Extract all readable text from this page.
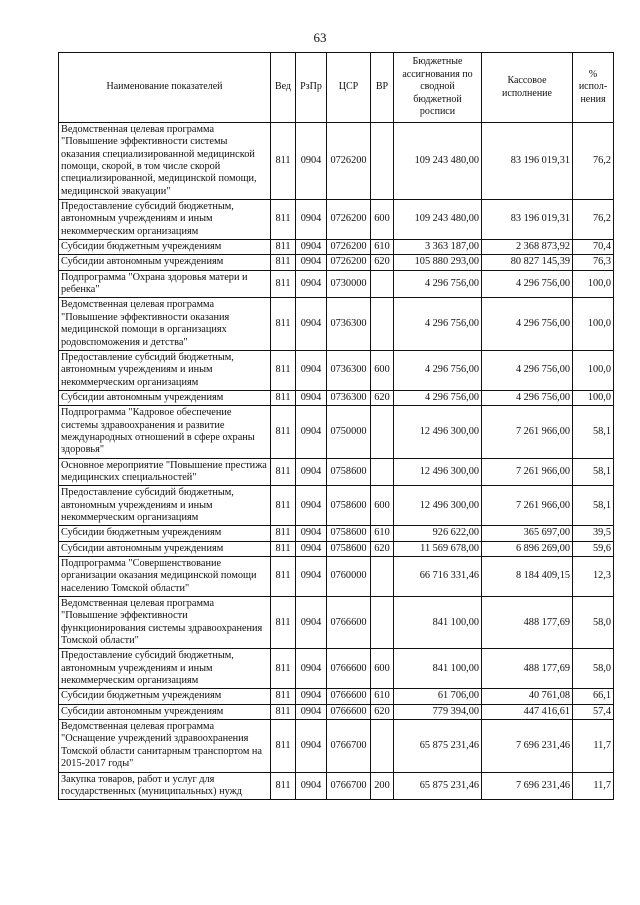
63
Наименование показателей	Вед	РзПр	ЦСР	ВР	Бюджетные ассигнования по сводной бюджетной росписи	Кассовое исполнение	% испол-нения
Ведомственная целевая программа "Повышение эффективности системы оказания специализированной медицинской помощи, скорой, в том числе скорой специализированной, медицинской помощи, медицинской эвакуации"	811	0904	0726200		109 243 480,00	83 196 019,31	76,2
Предоставление субсидий бюджетным, автономным учреждениям и иным некоммерческим организациям	811	0904	0726200	600	109 243 480,00	83 196 019,31	76,2
Субсидии бюджетным учреждениям	811	0904	0726200	610	3 363 187,00	2 368 873,92	70,4
Субсидии автономным учреждениям	811	0904	0726200	620	105 880 293,00	80 827 145,39	76,3
Подпрограмма "Охрана здоровья матери и ребенка"	811	0904	0730000		4 296 756,00	4 296 756,00	100,0
Ведомственная целевая программа "Повышение эффективности оказания медицинской помощи в организациях родовспоможения и детства"	811	0904	0736300		4 296 756,00	4 296 756,00	100,0
Предоставление субсидий бюджетным, автономным учреждениям и иным некоммерческим организациям	811	0904	0736300	600	4 296 756,00	4 296 756,00	100,0
Субсидии автономным учреждениям	811	0904	0736300	620	4 296 756,00	4 296 756,00	100,0
Подпрограмма "Кадровое обеспечение системы здравоохранения и развитие международных отношений в сфере охраны здоровья"	811	0904	0750000		12 496 300,00	7 261 966,00	58,1
Основное мероприятие "Повышение престижа медицинских специальностей"	811	0904	0758600		12 496 300,00	7 261 966,00	58,1
Предоставление субсидий бюджетным, автономным учреждениям и иным некоммерческим организациям	811	0904	0758600	600	12 496 300,00	7 261 966,00	58,1
Субсидии бюджетным учреждениям	811	0904	0758600	610	926 622,00	365 697,00	39,5
Субсидии автономным учреждениям	811	0904	0758600	620	11 569 678,00	6 896 269,00	59,6
Подпрограмма "Совершенствование организации оказания медицинской помощи населению Томской области"	811	0904	0760000		66 716 331,46	8 184 409,15	12,3
Ведомственная целевая программа "Повышение эффективности функционирования системы здравоохранения Томской области"	811	0904	0766600		841 100,00	488 177,69	58,0
Предоставление субсидий бюджетным, автономным учреждениям и иным некоммерческим организациям	811	0904	0766600	600	841 100,00	488 177,69	58,0
Субсидии бюджетным учреждениям	811	0904	0766600	610	61 706,00	40 761,08	66,1
Субсидии автономным учреждениям	811	0904	0766600	620	779 394,00	447 416,61	57,4
Ведомственная целевая программа "Оснащение учреждений здравоохранения Томской области санитарным транспортом на 2015-2017 годы"	811	0904	0766700		65 875 231,46	7 696 231,46	11,7
Закупка товаров, работ и услуг для государственных (муниципальных) нужд	811	0904	0766700	200	65 875 231,46	7 696 231,46	11,7
